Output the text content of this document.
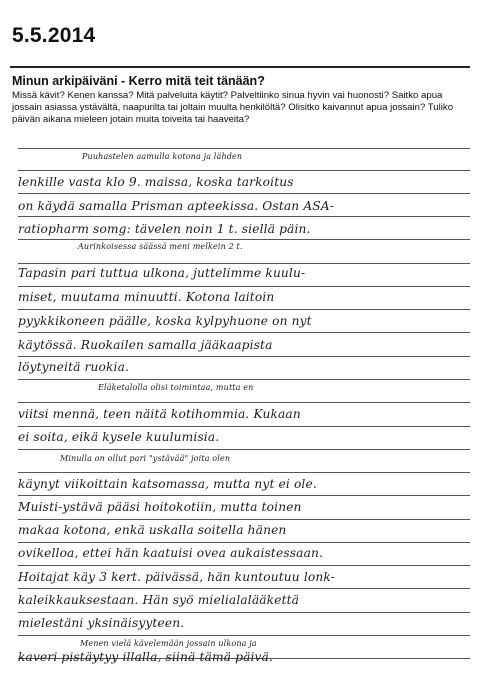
5.5.2014
Minun arkipäiväni - Kerro mitä teit tänään?
Missä kävit? Kenen kanssa? Mitä palveluita käytit? Palveltiinko sinua hyvin vai huonosti? Saitko apua jossain asiassa ystävältä, naapurilta tai joltain muulta henkilöltä? Olisitko kaivannut apua jossain? Tuliko päivän aikana mieleen jotain muita toiveita tai haaveita?
Puuhastelen aamulla kotona ja lähden
lenkille vasta klo 9. maissa, koska tarkoitus
on käydä samalla Prisman apteekissa. Ostan ASA-
ratiopharm somg: tävelen noin 1 t. siellä päin.
Aurinkoisessa säässä meni melkein 2 t.
Tapasin pari tuttua ulkona, juttelimme kuulu-
miset, muutama minuutti. Kotona laitoin
pyykkikoneen päälle, koska kylpyhuone on nyt
käytössä. Ruokailen samalla jääkaapista
löytyneitä ruokia.
Eläketalolla olisi toimintaa, mutta en
viitsi mennä, teen näitä kotihommia. Kukaan
ei soita, eikä kysele kuulumisia.
Minulla on ollut pari "ystävää" joita olen
käynyt viikoittain katsomassa, mutta nyt ei ole.
Muisti-ystävä pääsi hoitokotiin, mutta toinen
makaa kotona, enkä uskalla soitella hänen
ovikelloa, ettei hän kaatuisi ovea aukaistessaan.
Hoitajat käy 3 kert. päivässä, hän kuntoutuu lonk-
kaleikkauksestaan. Hän syö mielialalääkettä
mielestäni yksinäisyyteen.
Menen vielä kävelemään jossain ulkona ja
kaveri pistäytyy illalla, siinä tämä päivä.
